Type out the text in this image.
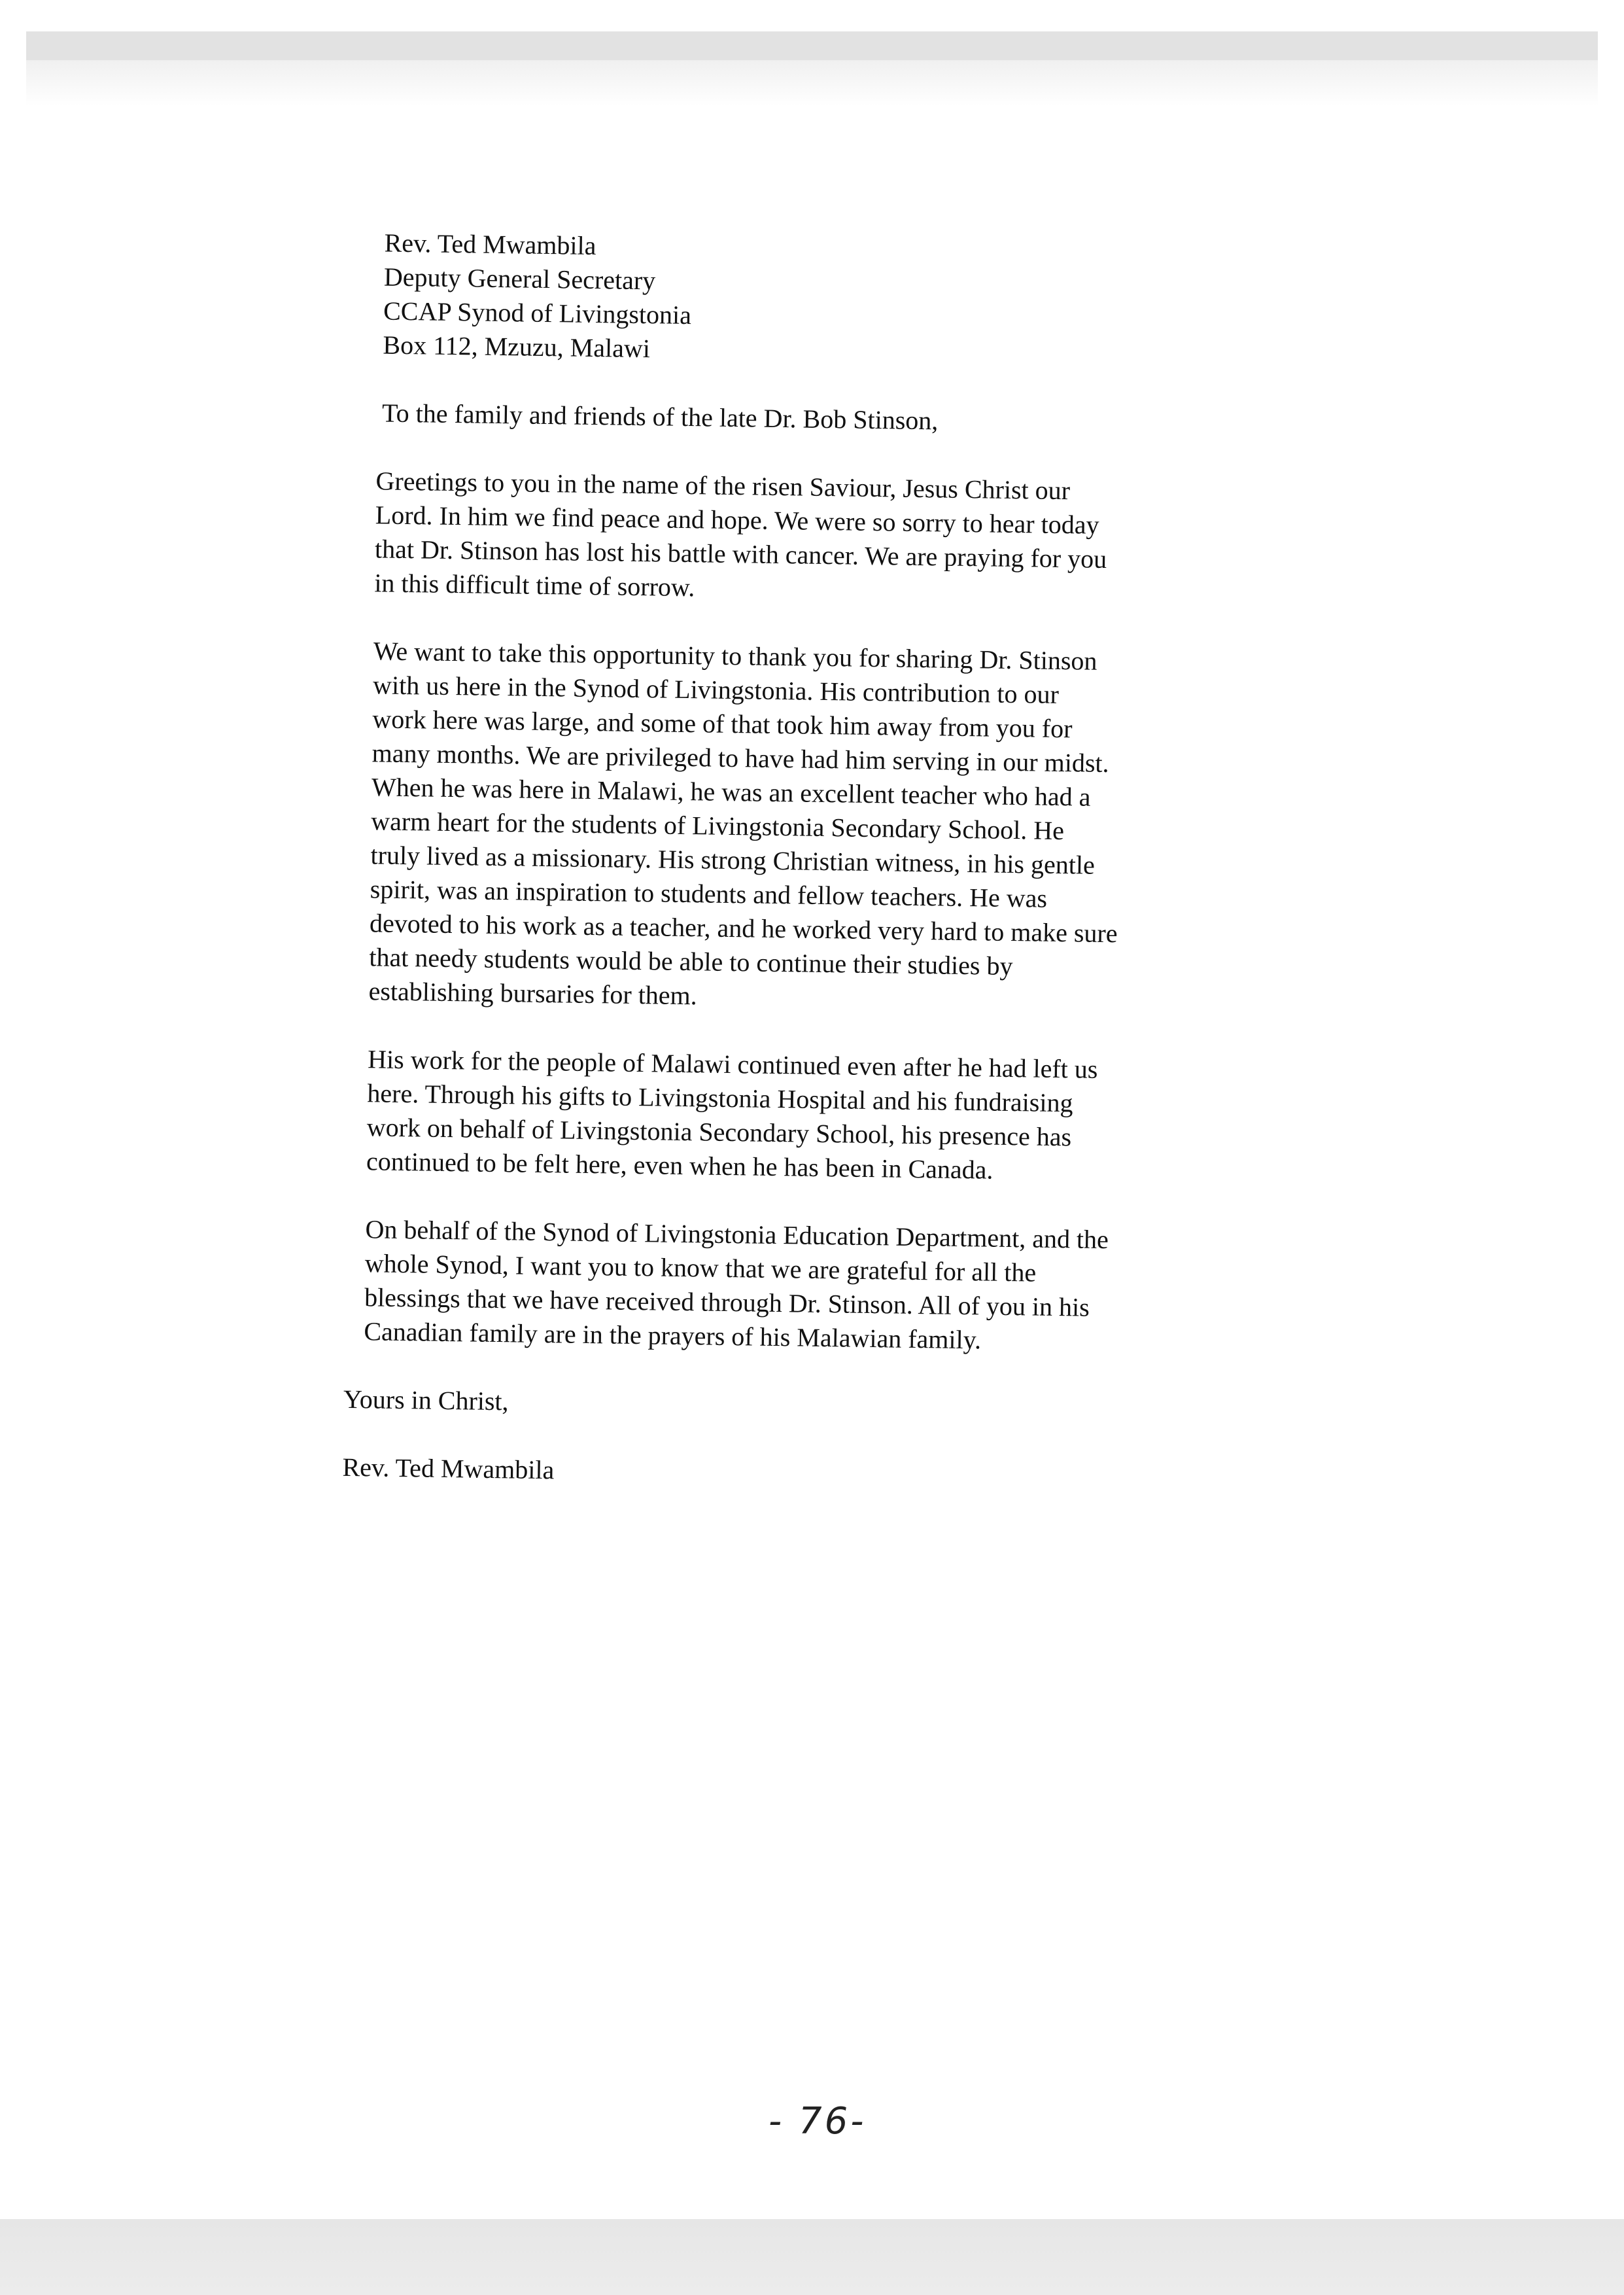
Rev. Ted Mwambila
Deputy General Secretary
CCAP Synod of Livingstonia
Box 112, Mzuzu, Malawi

To the family and friends of the late Dr. Bob Stinson,

Greetings to you in the name of the risen Saviour, Jesus Christ our
Lord. In him we find peace and hope. We were so sorry to hear today
that Dr. Stinson has lost his battle with cancer. We are praying for you
in this difficult time of sorrow.

We want to take this opportunity to thank you for sharing Dr. Stinson
with us here in the Synod of Livingstonia. His contribution to our
work here was large, and some of that took him away from you for
many months. We are privileged to have had him serving in our midst.
When he was here in Malawi, he was an excellent teacher who had a
warm heart for the students of Livingstonia Secondary School. He
truly lived as a missionary. His strong Christian witness, in his gentle
spirit, was an inspiration to students and fellow teachers. He was
devoted to his work as a teacher, and he worked very hard to make sure
that needy students would be able to continue their studies by
establishing bursaries for them.

His work for the people of Malawi continued even after he had left us
here. Through his gifts to Livingstonia Hospital and his fundraising
work on behalf of Livingstonia Secondary School, his presence has
continued to be felt here, even when he has been in Canada.

On behalf of the Synod of Livingstonia Education Department, and the
whole Synod, I want you to know that we are grateful for all the
blessings that we have received through Dr. Stinson. All of you in his
Canadian family are in the prayers of his Malawian family.

Yours in Christ,

Rev. Ted Mwambila

- 76-
